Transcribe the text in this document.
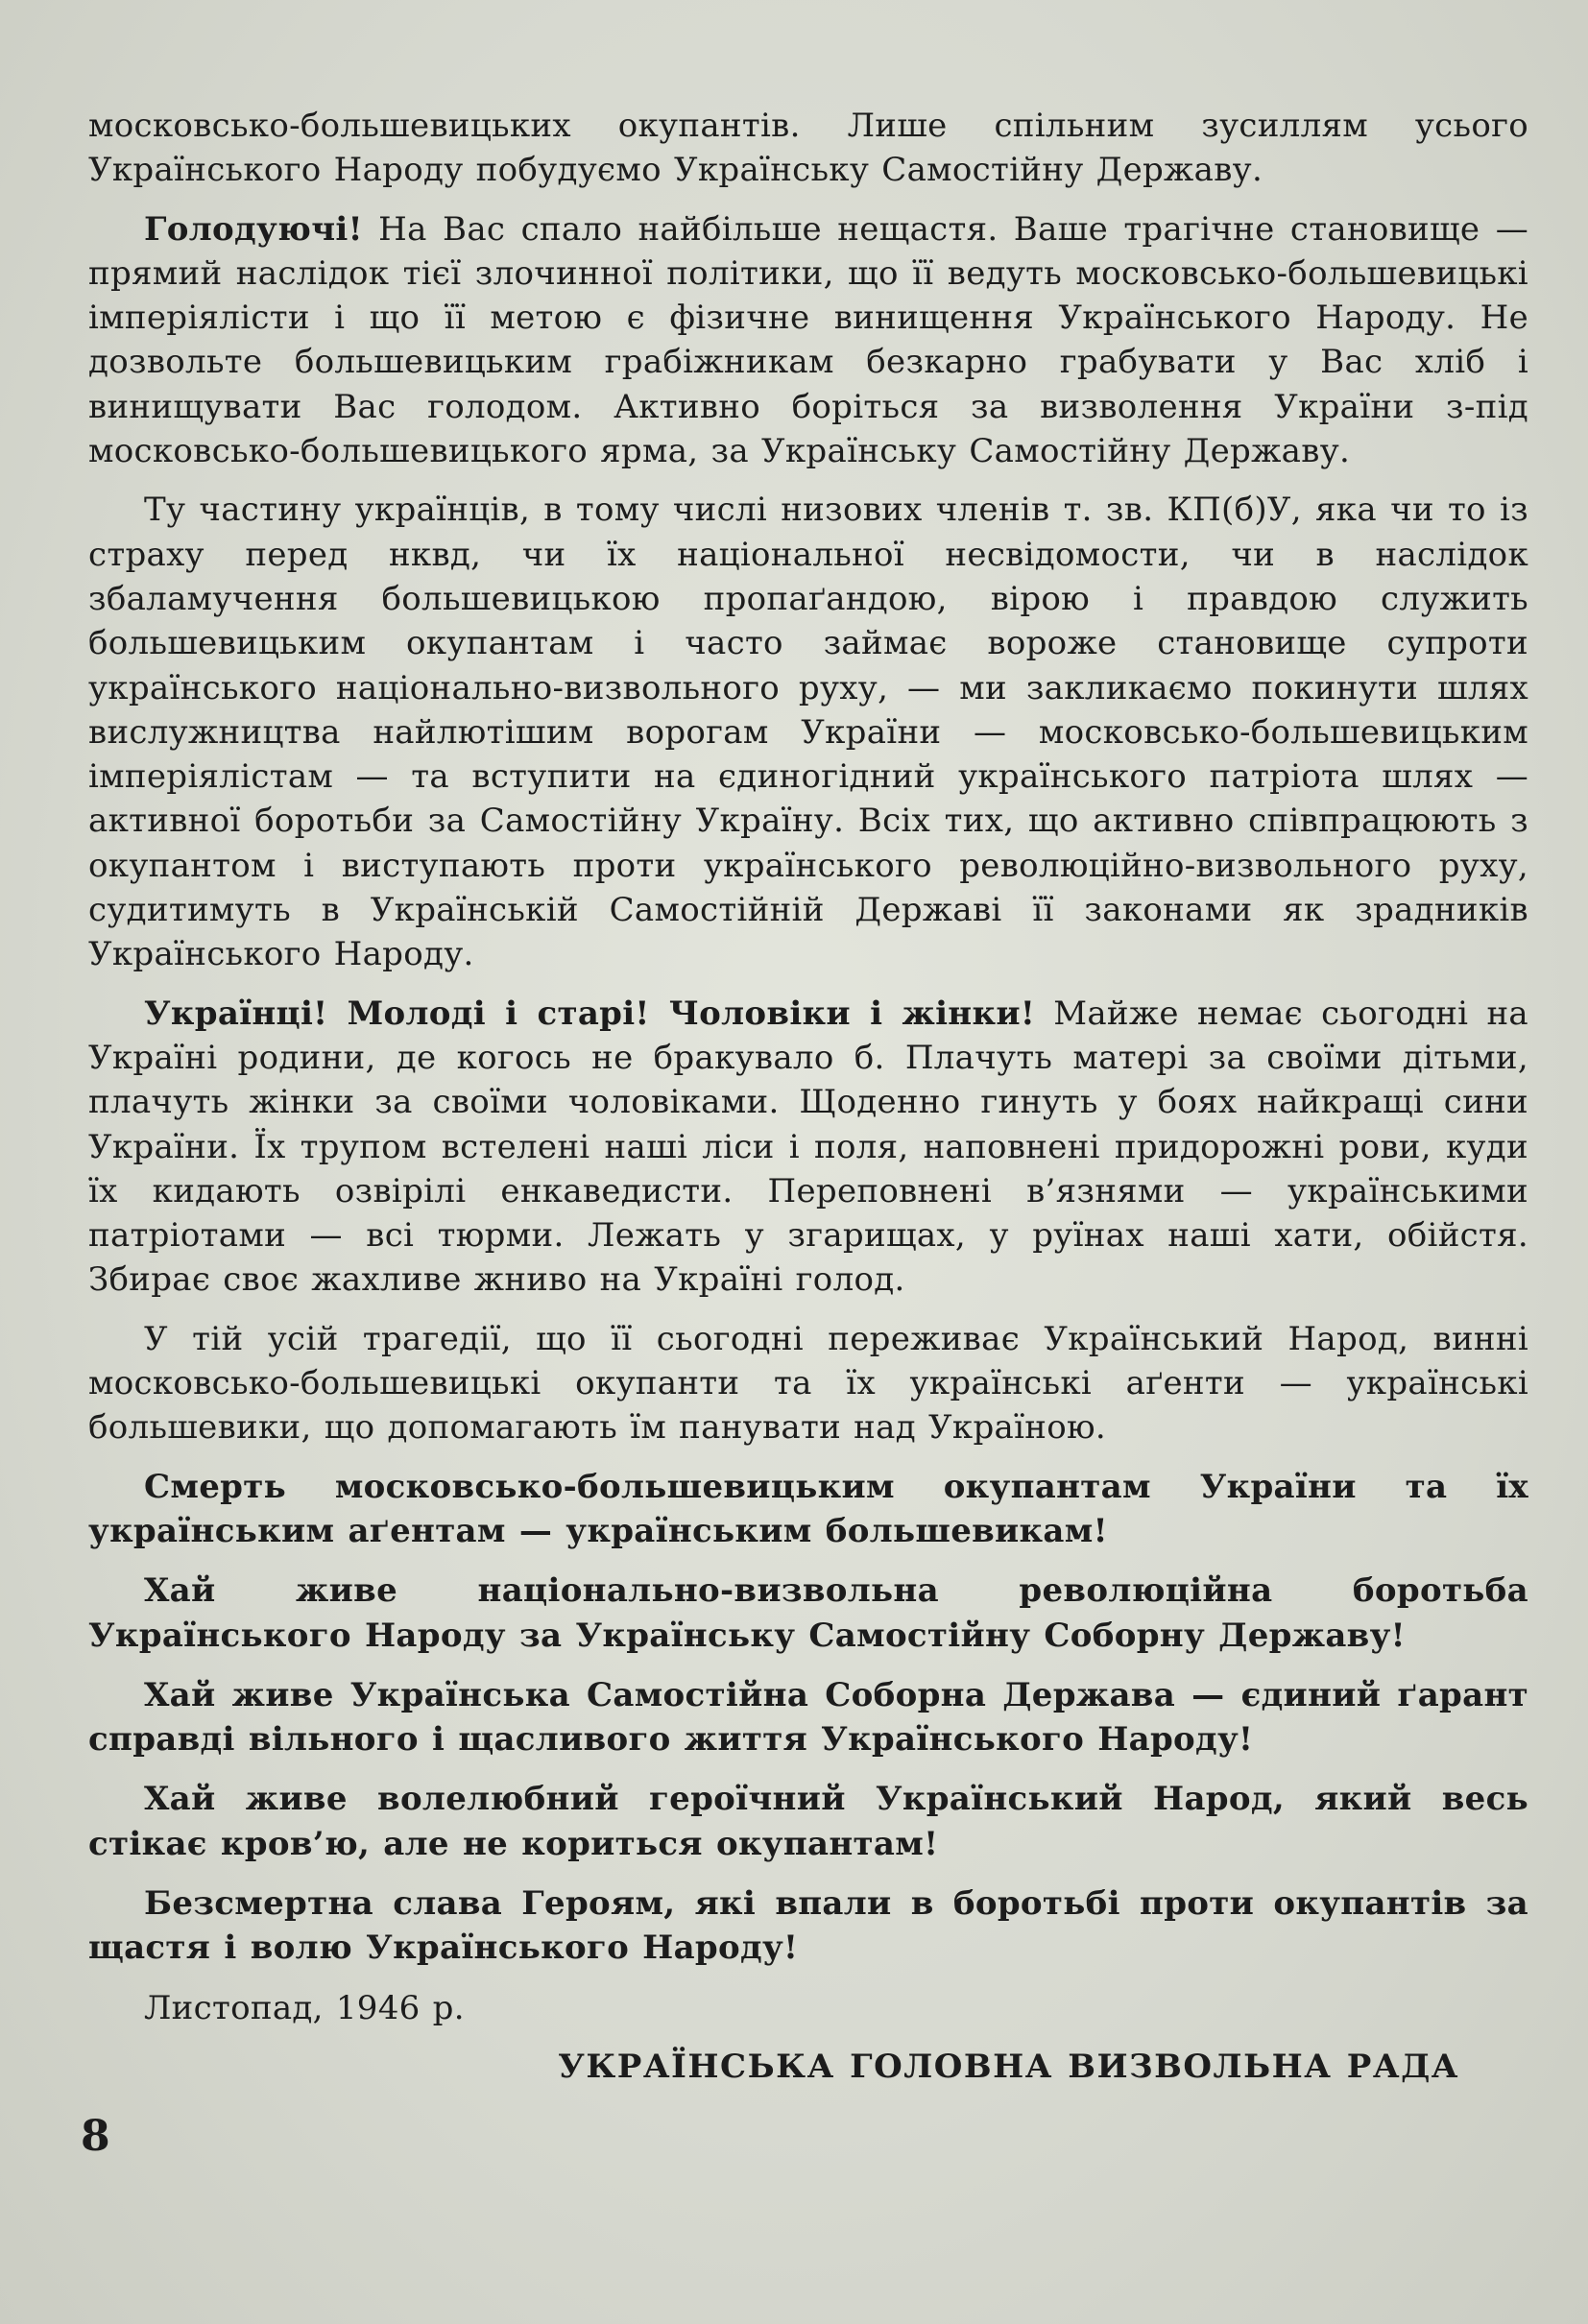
московсько-большевицьких окупантів. Лише спільним зусиллям усього Українського Народу побудуємо Українську Самостійну Державу.

Голодуючі! На Вас спало найбільше нещастя. Ваше трагічне становище — прямий наслідок тієї злочинної політики, що її ведуть московсько-большевицькі імперіялісти і що її метою є фізичне винищення Українського Народу. Не дозвольте большевицьким грабіжникам безкарно грабувати у Вас хліб і винищувати Вас голодом. Активно боріться за визволення України з-під московсько-большевицького ярма, за Українську Самостійну Державу.

Ту частину українців, в тому числі низових членів т. зв. КП(б)У, яка чи то із страху перед нквд, чи їх національної несвідомости, чи в наслідок збаламучення большевицькою пропаґандою, вірою і правдою служить большевицьким окупантам і часто займає вороже становище супроти українського національно-визвольного руху, — ми закликаємо покинути шлях вислужництва найлютішим ворогам України — московсько-большевицьким імперіялістам — та вступити на єдиногідний українського патріота шлях — активної боротьби за Самостійну Україну. Всіх тих, що активно співпрацюють з окупантом і виступають проти українського революційно-визвольного руху, судитимуть в Українській Самостійній Державі її законами як зрадників Українського Народу.

Українці! Молоді і старі! Чоловіки і жінки! Майже немає сьогодні на Україні родини, де когось не бракувало б. Плачуть матері за своїми дітьми, плачуть жінки за своїми чоловіками. Щоденно гинуть у боях найкращі сини України. Їх трупом встелені наші ліси і поля, наповнені придорожні рови, куди їх кидають озвірілі енкаведисти. Переповнені в’язнями — українськими патріотами — всі тюрми. Лежать у згарищах, у руїнах наші хати, обійстя. Збирає своє жахливе жниво на Україні голод.

У тій усій трагедії, що її сьогодні переживає Український Народ, винні московсько-большевицькі окупанти та їх українські аґенти — українські большевики, що допомагають їм панувати над Україною.

Смерть московсько-большевицьким окупантам України та їх українським аґентам — українським большевикам!

Хай живе національно-визвольна революційна боротьба Українського Народу за Українську Самостійну Соборну Державу!

Хай живе Українська Самостійна Соборна Держава — єдиний ґарант справді вільного і щасливого життя Українського Народу!

Хай живе волелюбний героїчний Український Народ, який весь стікає кров’ю, але не кориться окупантам!

Безсмертна слава Героям, які впали в боротьбі проти окупантів за щастя і волю Українського Народу!

Листопад, 1946 р.

УКРАЇНСЬКА ГОЛОВНА ВИЗВОЛЬНА РАДА

8
